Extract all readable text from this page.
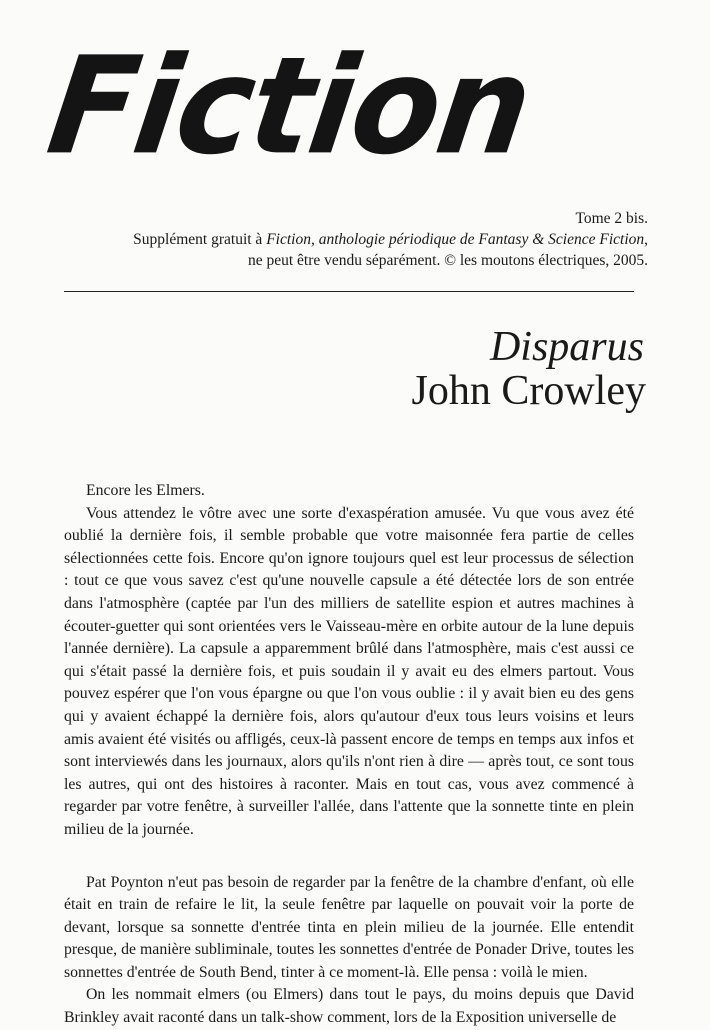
Fiction
Tome 2 bis.
Supplément gratuit à Fiction, anthologie périodique de Fantasy & Science Fiction,
ne peut être vendu séparément. © les moutons électriques, 2005.
Disparus
John Crowley

Encore les Elmers.

Vous attendez le vôtre avec une sorte d'exaspération amusée. Vu que vous avez été oublié la dernière fois, il semble probable que votre maisonnée fera partie de celles sélectionnées cette fois. Encore qu'on ignore toujours quel est leur processus de sélection : tout ce que vous savez c'est qu'une nouvelle capsule a été détectée lors de son entrée dans l'atmosphère (captée par l'un des milliers de satellite espion et autres machines à écouter-guetter qui sont orientées vers le Vaisseau-mère en orbite autour de la lune depuis l'année dernière). La capsule a apparemment brûlé dans l'atmosphère, mais c'est aussi ce qui s'était passé la dernière fois, et puis soudain il y avait eu des elmers partout. Vous pouvez espérer que l'on vous épargne ou que l'on vous oublie : il y avait bien eu des gens qui y avaient échappé la dernière fois, alors qu'autour d'eux tous leurs voisins et leurs amis avaient été visités ou affligés, ceux-là passent encore de temps en temps aux infos et sont interviewés dans les journaux, alors qu'ils n'ont rien à dire — après tout, ce sont tous les autres, qui ont des histoires à raconter. Mais en tout cas, vous avez commencé à regarder par votre fenêtre, à surveiller l'allée, dans l'attente que la sonnette tinte en plein milieu de la journée.

Pat Poynton n'eut pas besoin de regarder par la fenêtre de la chambre d'enfant, où elle était en train de refaire le lit, la seule fenêtre par laquelle on pouvait voir la porte de devant, lorsque sa sonnette d'entrée tinta en plein milieu de la journée. Elle entendit presque, de manière subliminale, toutes les sonnettes d'entrée de Ponader Drive, toutes les sonnettes d'entrée de South Bend, tinter à ce moment-là. Elle pensa : voilà le mien.

On les nommait elmers (ou Elmers) dans tout le pays, du moins depuis que David Brinkley avait raconté dans un talk-show comment, lors de la Exposition universelle de
